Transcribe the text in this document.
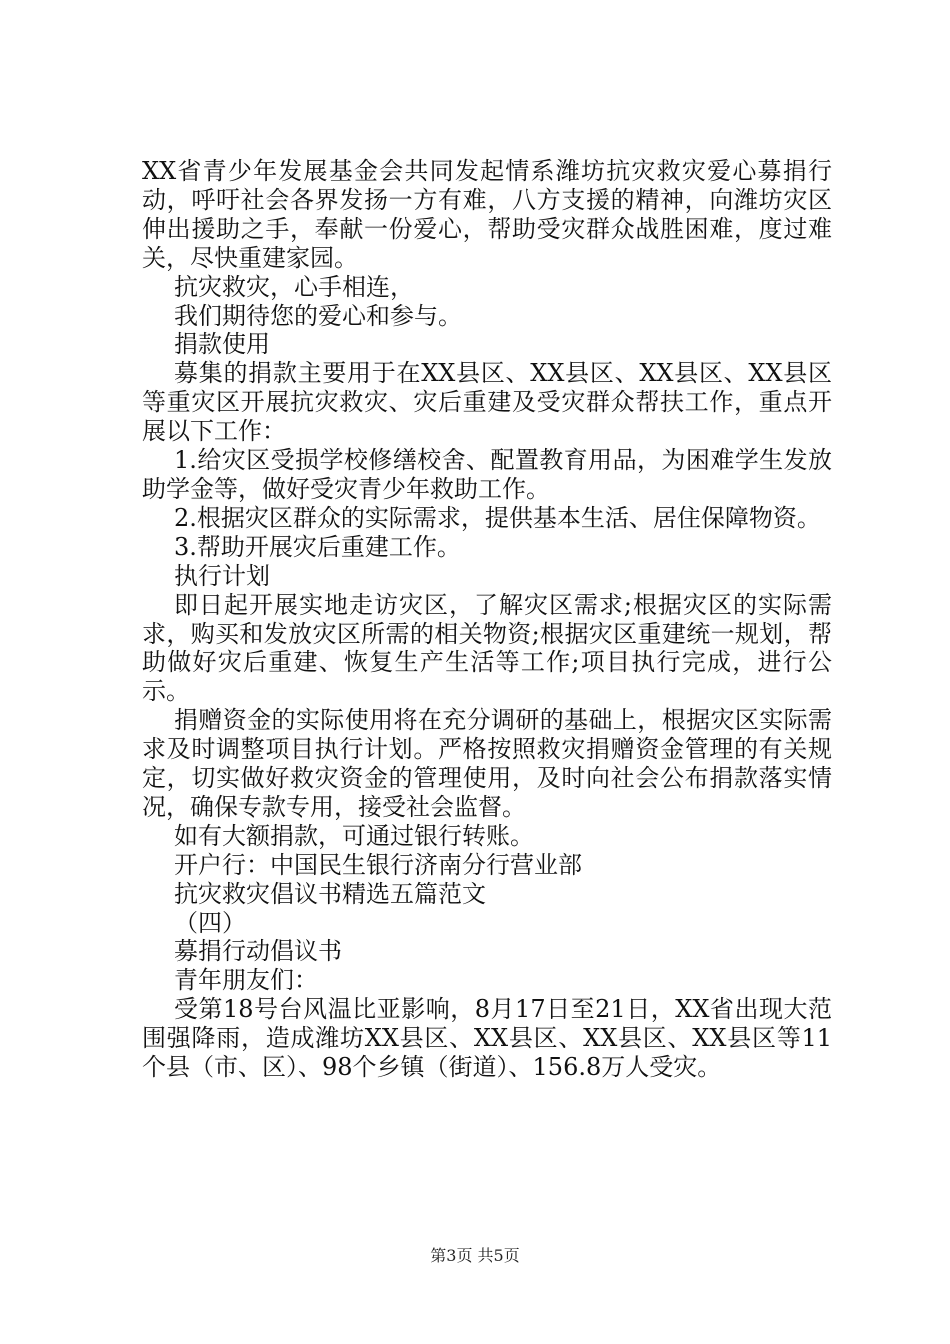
XX省青少年发展基金会共同发起情系潍坊抗灾救灾爱心募捐行动，呼吁社会各界发扬一方有难，八方支援的精神，向潍坊灾区伸出援助之手，奉献一份爱心，帮助受灾群众战胜困难，度过难关，尽快重建家园。

抗灾救灾，心手相连，

我们期待您的爱心和参与。

捐款使用

募集的捐款主要用于在XX县区、XX县区、XX县区、XX县区等重灾区开展抗灾救灾、灾后重建及受灾群众帮扶工作，重点开展以下工作：

1.给灾区受损学校修缮校舍、配置教育用品，为困难学生发放助学金等，做好受灾青少年救助工作。

2.根据灾区群众的实际需求，提供基本生活、居住保障物资。

3.帮助开展灾后重建工作。

执行计划

即日起开展实地走访灾区，了解灾区需求;根据灾区的实际需求，购买和发放灾区所需的相关物资;根据灾区重建统一规划，帮助做好灾后重建、恢复生产生活等工作;项目执行完成，进行公示。

捐赠资金的实际使用将在充分调研的基础上，根据灾区实际需求及时调整项目执行计划。严格按照救灾捐赠资金管理的有关规定，切实做好救灾资金的管理使用，及时向社会公布捐款落实情况，确保专款专用，接受社会监督。

如有大额捐款，可通过银行转账。

开户行：中国民生银行济南分行营业部

抗灾救灾倡议书精选五篇范文

（四）

募捐行动倡议书

青年朋友们：

受第18号台风温比亚影响，8月17日至21日，XX省出现大范围强降雨，造成潍坊XX县区、XX县区、XX县区、XX县区等11个县（市、区）、98个乡镇（街道）、156.8万人受灾。

第3页 共5页
